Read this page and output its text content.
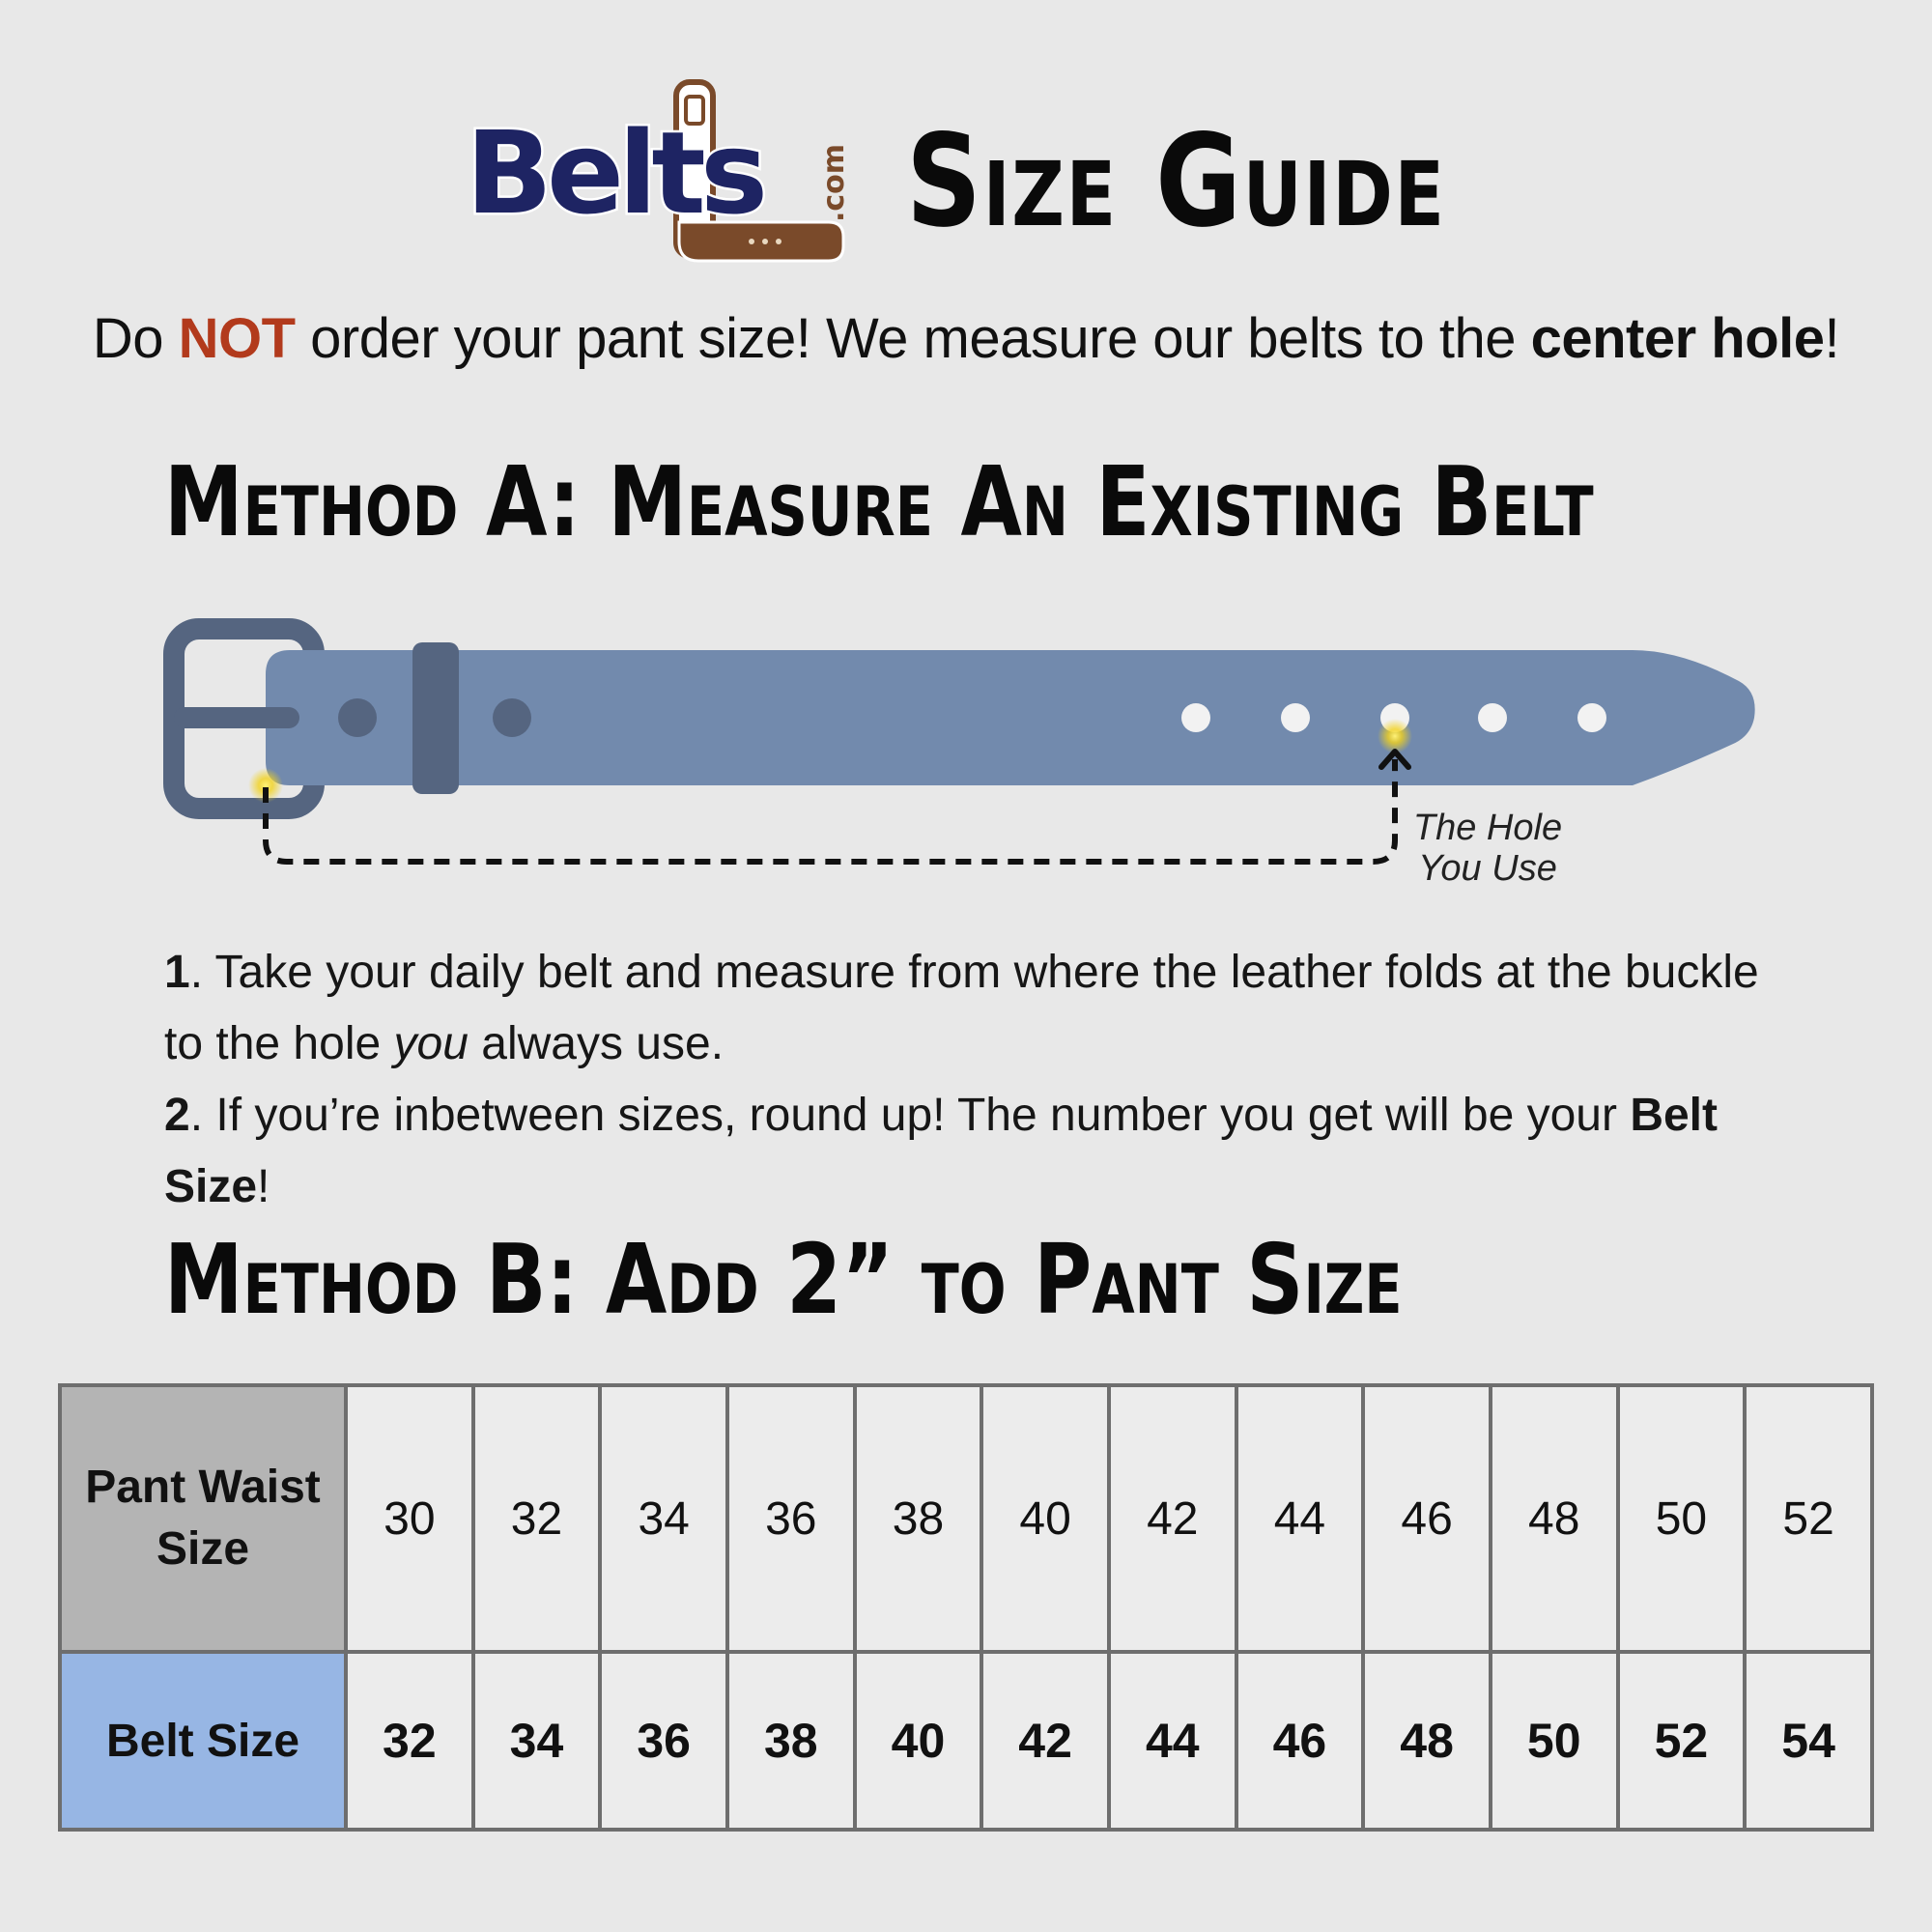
Belts .com Size Guide
Do NOT order your pant size! We measure our belts to the center hole!
Method A: Measure An Existing Belt
The Hole
You Use

1. Take your daily belt and measure from where the leather folds at the buckle to the hole you always use.

2. If you’re inbetween sizes, round up! The number you get will be your Belt Size!

Method B: Add 2” to Pant Size
Pant Waist Size	30	32	34	36	38	40	42	44	46	48	50	52
Belt Size	32	34	36	38	40	42	44	46	48	50	52	54
